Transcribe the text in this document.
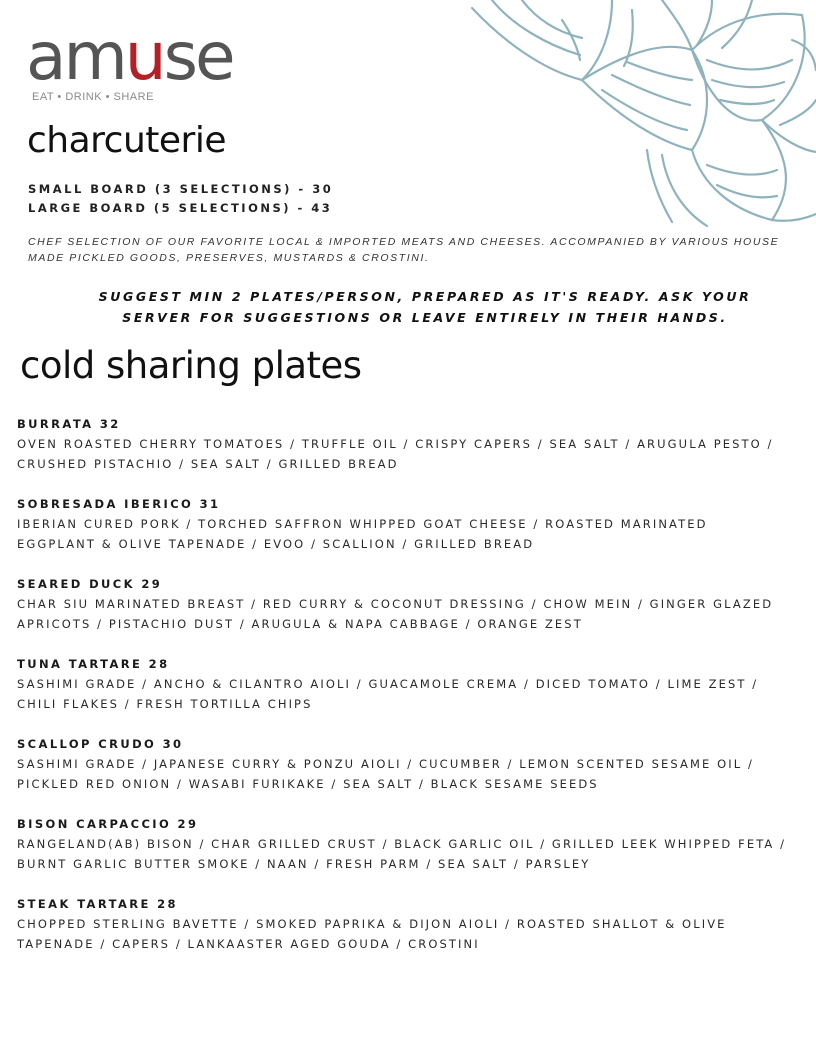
amuse
EAT • DRINK • SHARE
charcuterie
SMALL BOARD (3 SELECTIONS) - 30
LARGE BOARD (5 SELECTIONS) - 43
CHEF SELECTION OF OUR FAVORITE LOCAL & IMPORTED MEATS AND CHEESES. ACCOMPANIED BY VARIOUS HOUSE MADE PICKLED GOODS, PRESERVES, MUSTARDS & CROSTINI.
SUGGEST MIN 2 PLATES/PERSON, PREPARED AS IT'S READY. ASK YOUR SERVER FOR SUGGESTIONS OR LEAVE ENTIRELY IN THEIR HANDS.
cold sharing plates
BURRATA 32
OVEN ROASTED CHERRY TOMATOES / TRUFFLE OIL / CRISPY CAPERS / SEA SALT / ARUGULA PESTO / CRUSHED PISTACHIO / SEA SALT / GRILLED BREAD
SOBRESADA IBERICO 31
IBERIAN CURED PORK / TORCHED SAFFRON WHIPPED GOAT CHEESE / ROASTED MARINATED EGGPLANT & OLIVE TAPENADE / EVOO / SCALLION / GRILLED BREAD
SEARED DUCK 29
CHAR SIU MARINATED BREAST / RED CURRY & COCONUT DRESSING / CHOW MEIN / GINGER GLAZED APRICOTS / PISTACHIO DUST / ARUGULA & NAPA CABBAGE / ORANGE ZEST
TUNA TARTARE 28
SASHIMI GRADE / ANCHO & CILANTRO AIOLI / GUACAMOLE CREMA / DICED TOMATO / LIME ZEST / CHILI FLAKES / FRESH TORTILLA CHIPS
SCALLOP CRUDO 30
SASHIMI GRADE / JAPANESE CURRY & PONZU AIOLI / CUCUMBER / LEMON SCENTED SESAME OIL / PICKLED RED ONION / WASABI FURIKAKE / SEA SALT / BLACK SESAME SEEDS
BISON CARPACCIO 29
RANGELAND(AB) BISON / CHAR GRILLED CRUST / BLACK GARLIC OIL / GRILLED LEEK WHIPPED FETA / BURNT GARLIC BUTTER SMOKE / NAAN / FRESH PARM / SEA SALT / PARSLEY
STEAK TARTARE 28
CHOPPED STERLING BAVETTE / SMOKED PAPRIKA & DIJON AIOLI / ROASTED SHALLOT & OLIVE TAPENADE / CAPERS / LANKAASTER AGED GOUDA / CROSTINI
